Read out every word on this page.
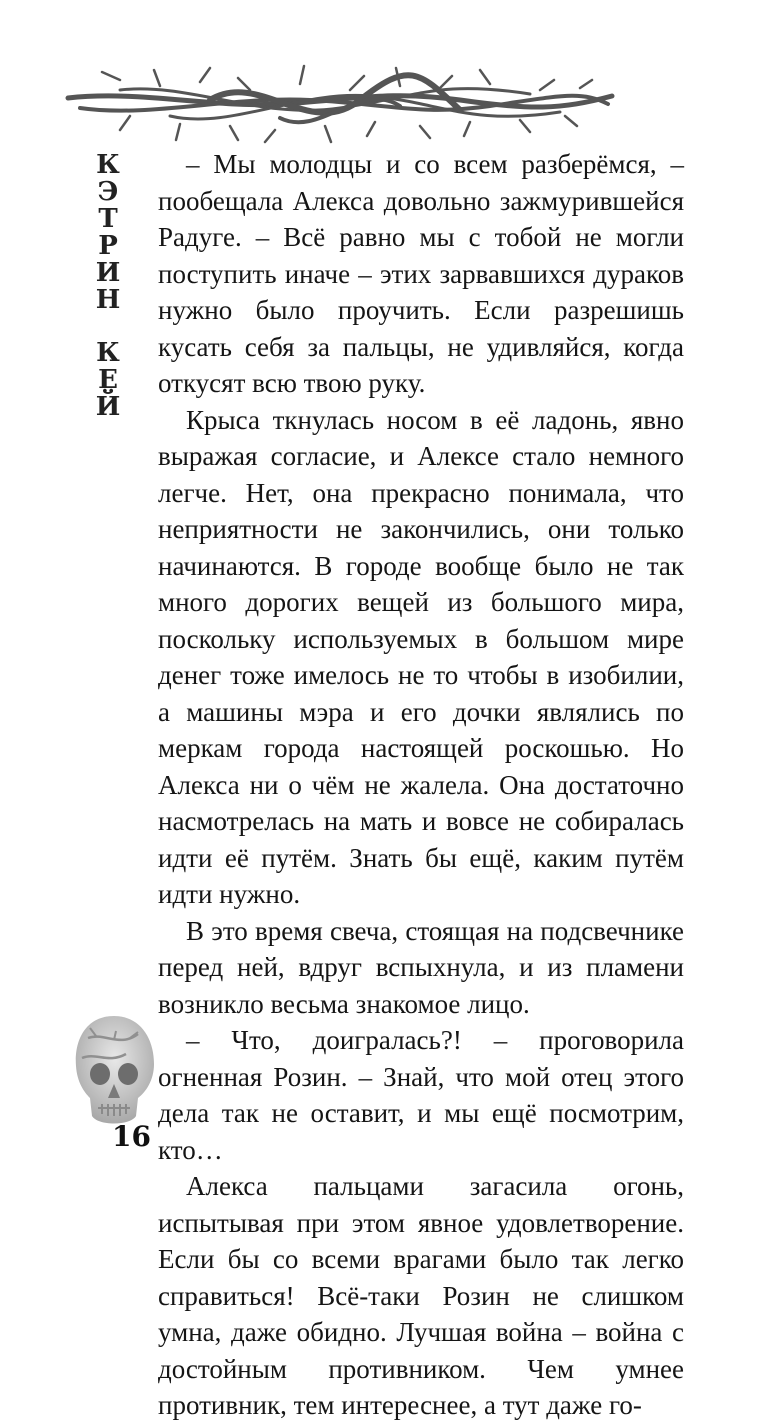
К
Э
Т
Р
И
Н
К
Е
Й

– Мы молодцы и со всем разберёмся, – пообещала Алекса довольно зажмурившейся Радуге. – Всё равно мы с тобой не могли поступить иначе – этих зарвавшихся дураков нужно было проучить. Если разрешишь кусать себя за пальцы, не удивляйся, когда откусят всю твою руку.

Крыса ткнулась носом в её ладонь, явно выражая согласие, и Алексе стало немного легче. Нет, она прекрасно понимала, что неприятности не закончились, они только начинаются. В городе вообще было не так много дорогих вещей из большого мира, поскольку используемых в большом мире денег тоже имелось не то чтобы в изобилии, а машины мэра и его дочки являлись по меркам города настоящей роскошью. Но Алекса ни о чём не жалела. Она достаточно насмотрелась на мать и вовсе не собиралась идти её путём. Знать бы ещё, каким путём идти нужно.

В это время свеча, стоящая на подсвечнике перед ней, вдруг вспыхнула, и из пламени возникло весьма знакомое лицо.

– Что, доигралась?! – проговорила огненная Розин. – Знай, что мой отец этого дела так не оставит, и мы ещё посмотрим, кто…

Алекса пальцами загасила огонь, испытывая при этом явное удовлетворение. Если бы со всеми врагами было так легко справиться! Всё-таки Розин не слишком умна, даже обидно. Лучшая война – война с достойным противником. Чем умнее противник, тем интереснее, а тут даже го-

16
